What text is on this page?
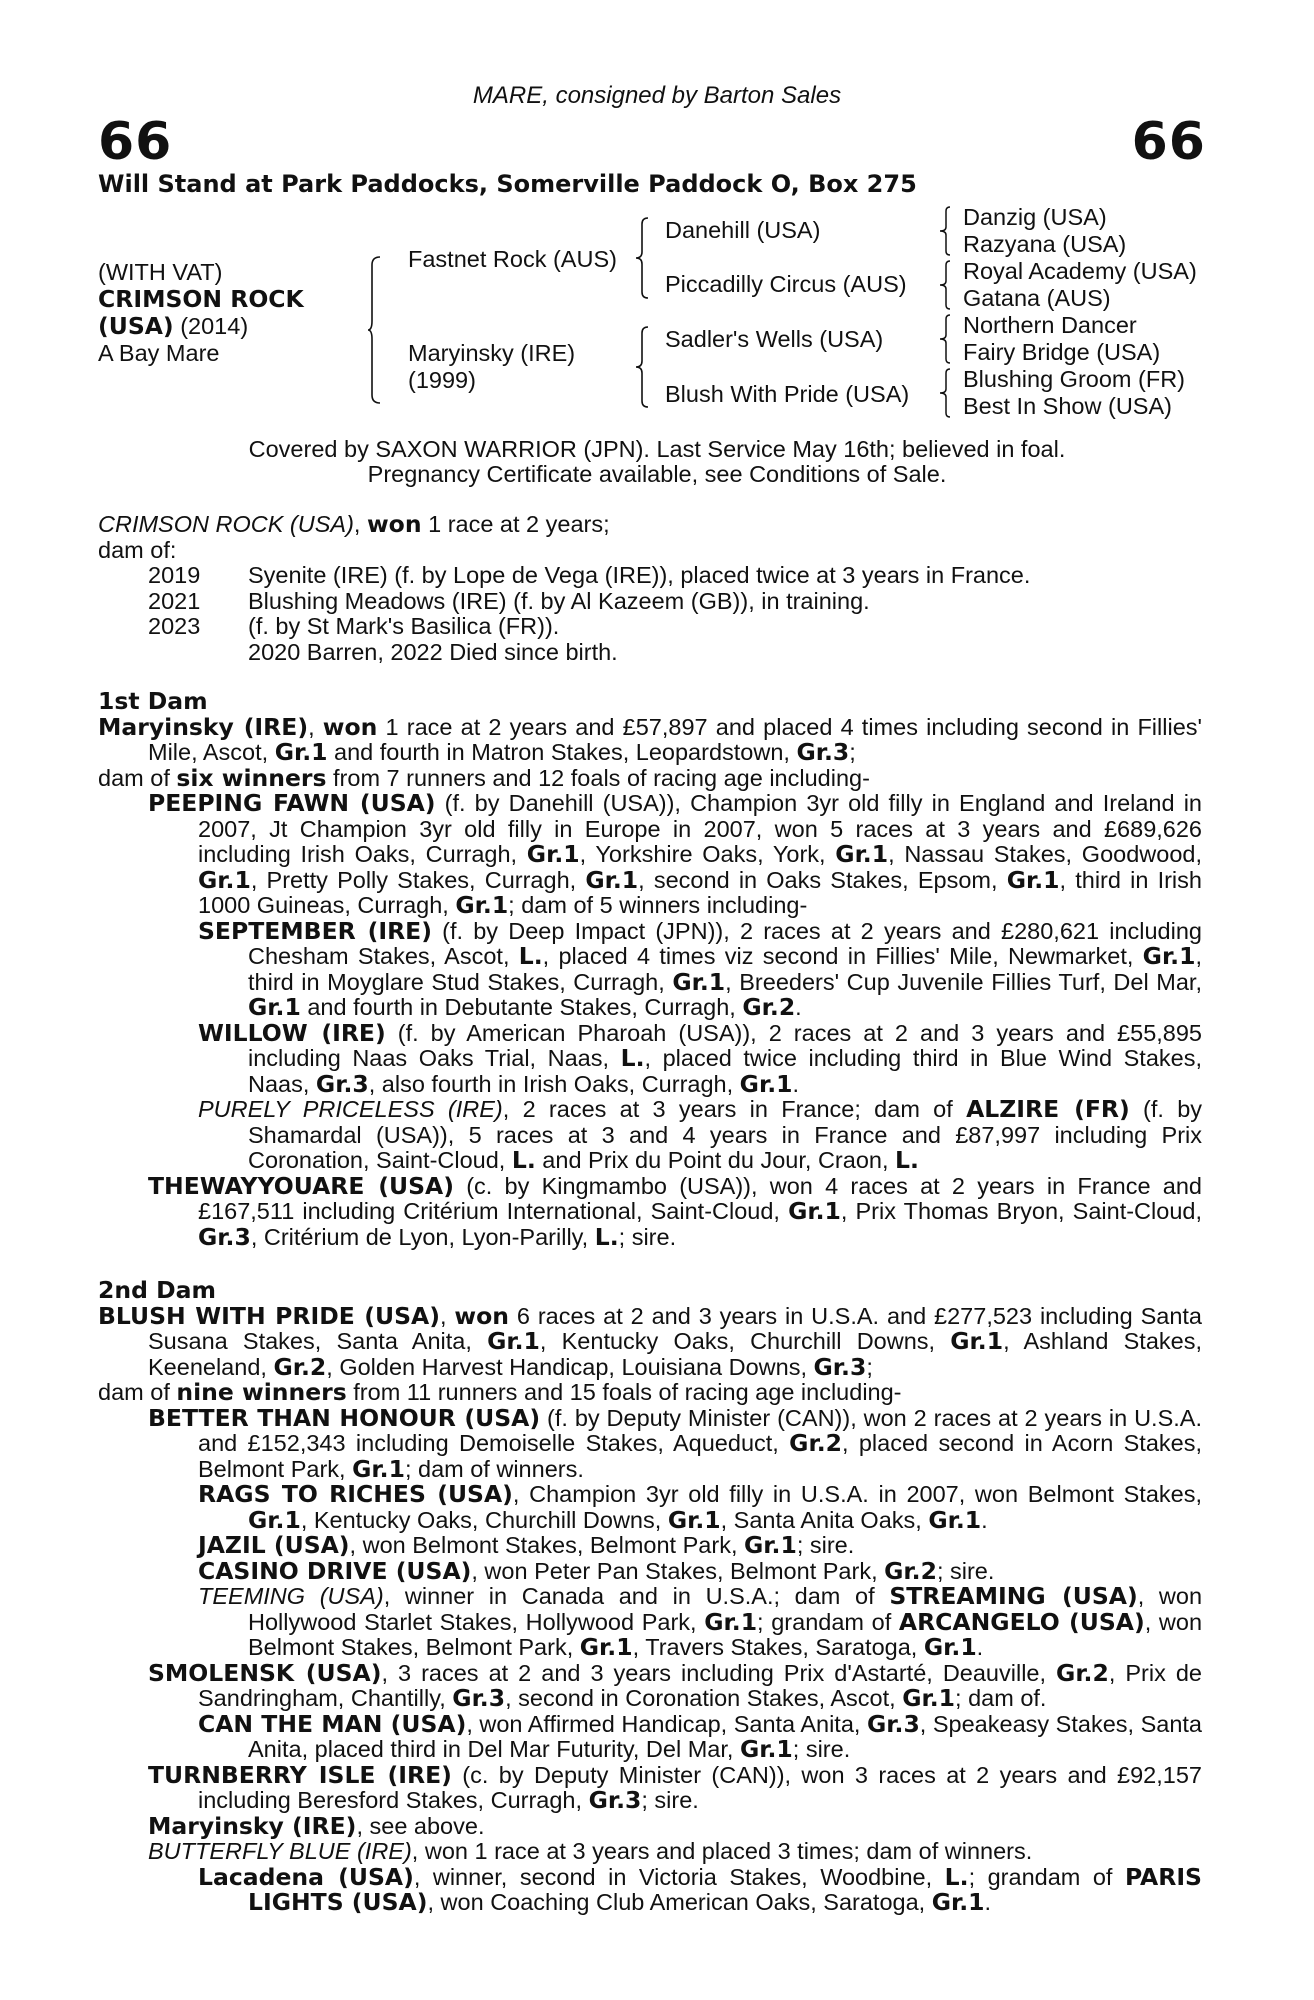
MARE, consigned by Barton Sales
66	66
Will Stand at Park Paddocks, Somerville Paddock O, Box 275
(WITH VAT)
CRIMSON ROCK
(USA) (2014)
A Bay Mare
Fastnet Rock (AUS)
Maryinsky (IRE)
(1999)
Danehill (USA)
Piccadilly Circus (AUS)
Sadler's Wells (USA)
Blush With Pride (USA)
Danzig (USA)
Razyana (USA)
Royal Academy (USA)
Gatana (AUS)
Northern Dancer
Fairy Bridge (USA)
Blushing Groom (FR)
Best In Show (USA)
Covered by SAXON WARRIOR (JPN). Last Service May 16th; believed in foal.
Pregnancy Certificate available, see Conditions of Sale.
CRIMSON ROCK (USA), won 1 race at 2 years;
dam of:
2019 Syenite (IRE) (f. by Lope de Vega (IRE)), placed twice at 3 years in France.
2021 Blushing Meadows (IRE) (f. by Al Kazeem (GB)), in training.
2023 (f. by St Mark's Basilica (FR)).
2020 Barren, 2022 Died since birth.
1st Dam
Maryinsky (IRE), won 1 race at 2 years and £57,897 and placed 4 times including second in Fillies' Mile, Ascot, Gr.1 and fourth in Matron Stakes, Leopardstown, Gr.3;
dam of six winners from 7 runners and 12 foals of racing age including-
PEEPING FAWN (USA) (f. by Danehill (USA)), Champion 3yr old filly in England and Ireland in 2007, Jt Champion 3yr old filly in Europe in 2007, won 5 races at 3 years and £689,626 including Irish Oaks, Curragh, Gr.1, Yorkshire Oaks, York, Gr.1, Nassau Stakes, Goodwood, Gr.1, Pretty Polly Stakes, Curragh, Gr.1, second in Oaks Stakes, Epsom, Gr.1, third in Irish 1000 Guineas, Curragh, Gr.1; dam of 5 winners including-
SEPTEMBER (IRE) (f. by Deep Impact (JPN)), 2 races at 2 years and £280,621 including Chesham Stakes, Ascot, L., placed 4 times viz second in Fillies' Mile, Newmarket, Gr.1, third in Moyglare Stud Stakes, Curragh, Gr.1, Breeders' Cup Juvenile Fillies Turf, Del Mar, Gr.1 and fourth in Debutante Stakes, Curragh, Gr.2.
WILLOW (IRE) (f. by American Pharoah (USA)), 2 races at 2 and 3 years and £55,895 including Naas Oaks Trial, Naas, L., placed twice including third in Blue Wind Stakes, Naas, Gr.3, also fourth in Irish Oaks, Curragh, Gr.1.
PURELY PRICELESS (IRE), 2 races at 3 years in France; dam of ALZIRE (FR) (f. by Shamardal (USA)), 5 races at 3 and 4 years in France and £87,997 including Prix Coronation, Saint-Cloud, L. and Prix du Point du Jour, Craon, L.
THEWAYYOUARE (USA) (c. by Kingmambo (USA)), won 4 races at 2 years in France and £167,511 including Critérium International, Saint-Cloud, Gr.1, Prix Thomas Bryon, Saint-Cloud, Gr.3, Critérium de Lyon, Lyon-Parilly, L.; sire.
2nd Dam
BLUSH WITH PRIDE (USA), won 6 races at 2 and 3 years in U.S.A. and £277,523 including Santa Susana Stakes, Santa Anita, Gr.1, Kentucky Oaks, Churchill Downs, Gr.1, Ashland Stakes, Keeneland, Gr.2, Golden Harvest Handicap, Louisiana Downs, Gr.3;
dam of nine winners from 11 runners and 15 foals of racing age including-
BETTER THAN HONOUR (USA) (f. by Deputy Minister (CAN)), won 2 races at 2 years in U.S.A. and £152,343 including Demoiselle Stakes, Aqueduct, Gr.2, placed second in Acorn Stakes, Belmont Park, Gr.1; dam of winners.
RAGS TO RICHES (USA), Champion 3yr old filly in U.S.A. in 2007, won Belmont Stakes, Gr.1, Kentucky Oaks, Churchill Downs, Gr.1, Santa Anita Oaks, Gr.1.
JAZIL (USA), won Belmont Stakes, Belmont Park, Gr.1; sire.
CASINO DRIVE (USA), won Peter Pan Stakes, Belmont Park, Gr.2; sire.
TEEMING (USA), winner in Canada and in U.S.A.; dam of STREAMING (USA), won Hollywood Starlet Stakes, Hollywood Park, Gr.1; grandam of ARCANGELO (USA), won Belmont Stakes, Belmont Park, Gr.1, Travers Stakes, Saratoga, Gr.1.
SMOLENSK (USA), 3 races at 2 and 3 years including Prix d'Astarté, Deauville, Gr.2, Prix de Sandringham, Chantilly, Gr.3, second in Coronation Stakes, Ascot, Gr.1; dam of.
CAN THE MAN (USA), won Affirmed Handicap, Santa Anita, Gr.3, Speakeasy Stakes, Santa Anita, placed third in Del Mar Futurity, Del Mar, Gr.1; sire.
TURNBERRY ISLE (IRE) (c. by Deputy Minister (CAN)), won 3 races at 2 years and £92,157 including Beresford Stakes, Curragh, Gr.3; sire.
Maryinsky (IRE), see above.
BUTTERFLY BLUE (IRE), won 1 race at 3 years and placed 3 times; dam of winners.
Lacadena (USA), winner, second in Victoria Stakes, Woodbine, L.; grandam of PARIS LIGHTS (USA), won Coaching Club American Oaks, Saratoga, Gr.1.
